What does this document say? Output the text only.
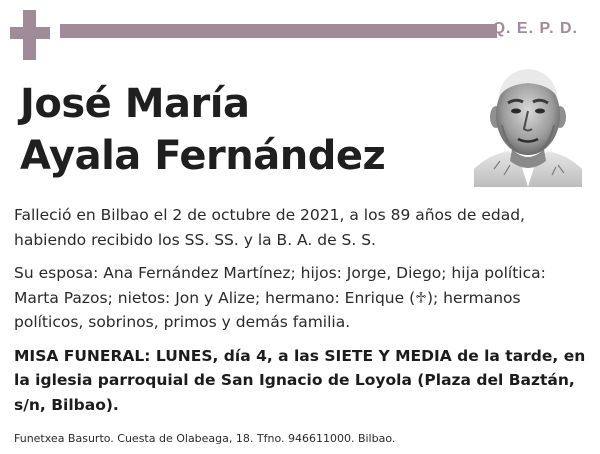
Q. E. P. D.
José María
Ayala Fernández

Falleció en Bilbao el 2 de octubre de 2021, a los 89 años de edad, habiendo recibido los SS. SS. y la B. A. de S. S.

Su esposa: Ana Fernández Martínez; hijos: Jorge, Diego; hija política: Marta Pazos; nietos: Jon y Alize; hermano: Enrique (♱); hermanos políticos, sobrinos, primos y demás familia.

MISA FUNERAL: LUNES, día 4, a las SIETE Y MEDIA de la tarde, en la iglesia parroquial de San Ignacio de Loyola (Plaza del Baztán, s/n, Bilbao).

Funetxea Basurto. Cuesta de Olabeaga, 18. Tfno. 946611000. Bilbao.
